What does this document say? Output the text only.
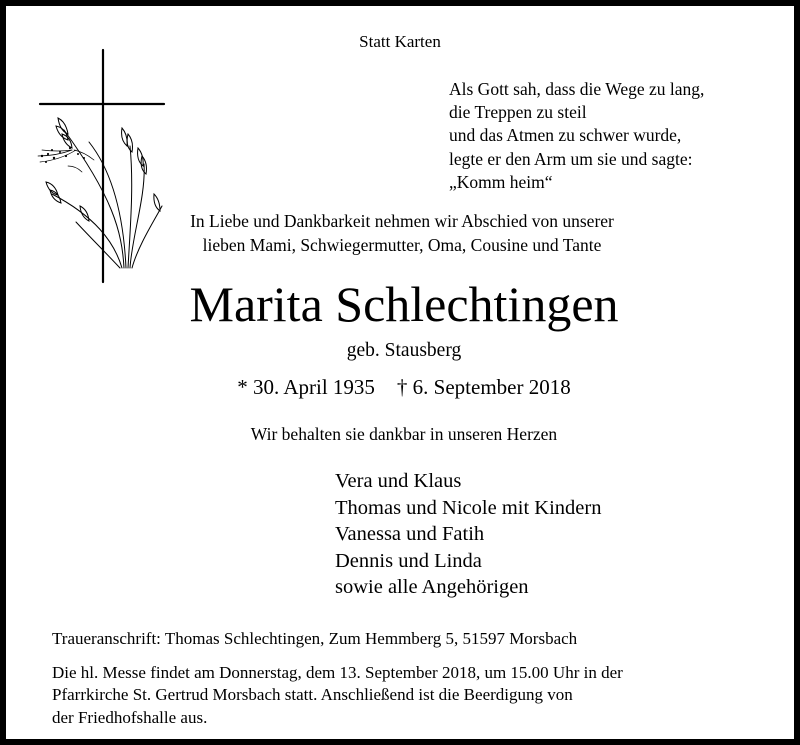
Statt Karten
Als Gott sah, dass die Wege zu lang,
die Treppen zu steil
und das Atmen zu schwer wurde,
legte er den Arm um sie und sagte:
„Komm heim“
In Liebe und Dankbarkeit nehmen wir Abschied von unserer
lieben Mami, Schwiegermutter, Oma, Cousine und Tante
Marita Schlechtingen
geb. Stausberg
* 30. April 1935 † 6. September 2018
Wir behalten sie dankbar in unseren Herzen
Vera und Klaus
Thomas und Nicole mit Kindern
Vanessa und Fatih
Dennis und Linda
sowie alle Angehörigen
Traueranschrift: Thomas Schlechtingen, Zum Hemmberg 5, 51597 Morsbach
Die hl. Messe findet am Donnerstag, dem 13. September 2018, um 15.00 Uhr in der
Pfarrkirche St. Gertrud Morsbach statt. Anschließend ist die Beerdigung von
der Friedhofshalle aus.
